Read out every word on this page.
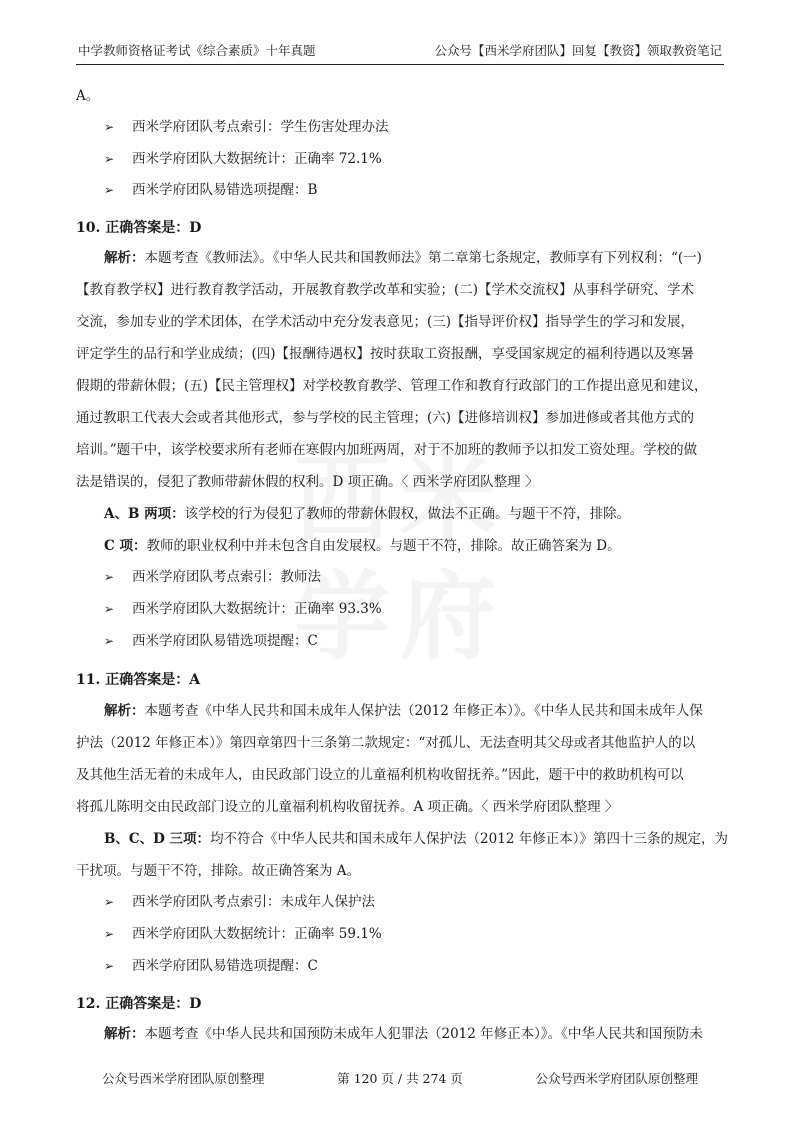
中学教师资格证考试《综合素质》十年真题	公众号【西米学府团队】回复【教资】领取教资笔记
A。
➢ 西米学府团队考点索引：学生伤害处理办法
➢ 西米学府团队大数据统计：正确率 72.1%
➢ 西米学府团队易错选项提醒：B
10. 正确答案是：D
解析：本题考查《教师法》。《中华人民共和国教师法》第二章第七条规定，教师享有下列权利：“(一)
【教育教学权】进行教育教学活动，开展教育教学改革和实验；(二)【学术交流权】从事科学研究、学术
交流，参加专业的学术团体，在学术活动中充分发表意见；(三)【指导评价权】指导学生的学习和发展，
评定学生的品行和学业成绩；(四)【报酬待遇权】按时获取工资报酬，享受国家规定的福利待遇以及寒暑
假期的带薪休假；(五)【民主管理权】对学校教育教学、管理工作和教育行政部门的工作提出意见和建议，
通过教职工代表大会或者其他形式，参与学校的民主管理；(六)【进修培训权】参加进修或者其他方式的
培训。”题干中，该学校要求所有老师在寒假内加班两周，对于不加班的教师予以扣发工资处理。学校的做
法是错误的，侵犯了教师带薪休假的权利。D 项正确。〈 西米学府团队整理 〉
A、B 两项：该学校的行为侵犯了教师的带薪休假权，做法不正确。与题干不符，排除。
C 项：教师的职业权利中并未包含自由发展权。与题干不符，排除。故正确答案为 D。
➢ 西米学府团队考点索引：教师法
➢ 西米学府团队大数据统计：正确率 93.3%
➢ 西米学府团队易错选项提醒：C
11. 正确答案是：A
解析：本题考查《中华人民共和国未成年人保护法（2012 年修正本）》。《中华人民共和国未成年人保
护法（2012 年修正本）》第四章第四十三条第二款规定：“对孤儿、无法查明其父母或者其他监护人的以
及其他生活无着的未成年人，由民政部门设立的儿童福利机构收留抚养。”因此，题干中的救助机构可以
将孤儿陈明交由民政部门设立的儿童福利机构收留抚养。A 项正确。〈 西米学府团队整理 〉
B、C、D 三项：均不符合《中华人民共和国未成年人保护法（2012 年修正本）》第四十三条的规定，为
干扰项。与题干不符，排除。故正确答案为 A。
➢ 西米学府团队考点索引：未成年人保护法
➢ 西米学府团队大数据统计：正确率 59.1%
➢ 西米学府团队易错选项提醒：C
12. 正确答案是：D
解析：本题考查《中华人民共和国预防未成年人犯罪法（2012 年修正本）》。《中华人民共和国预防未
公众号西米学府团队原创整理	第 120 页 / 共 274 页	公众号西米学府团队原创整理
